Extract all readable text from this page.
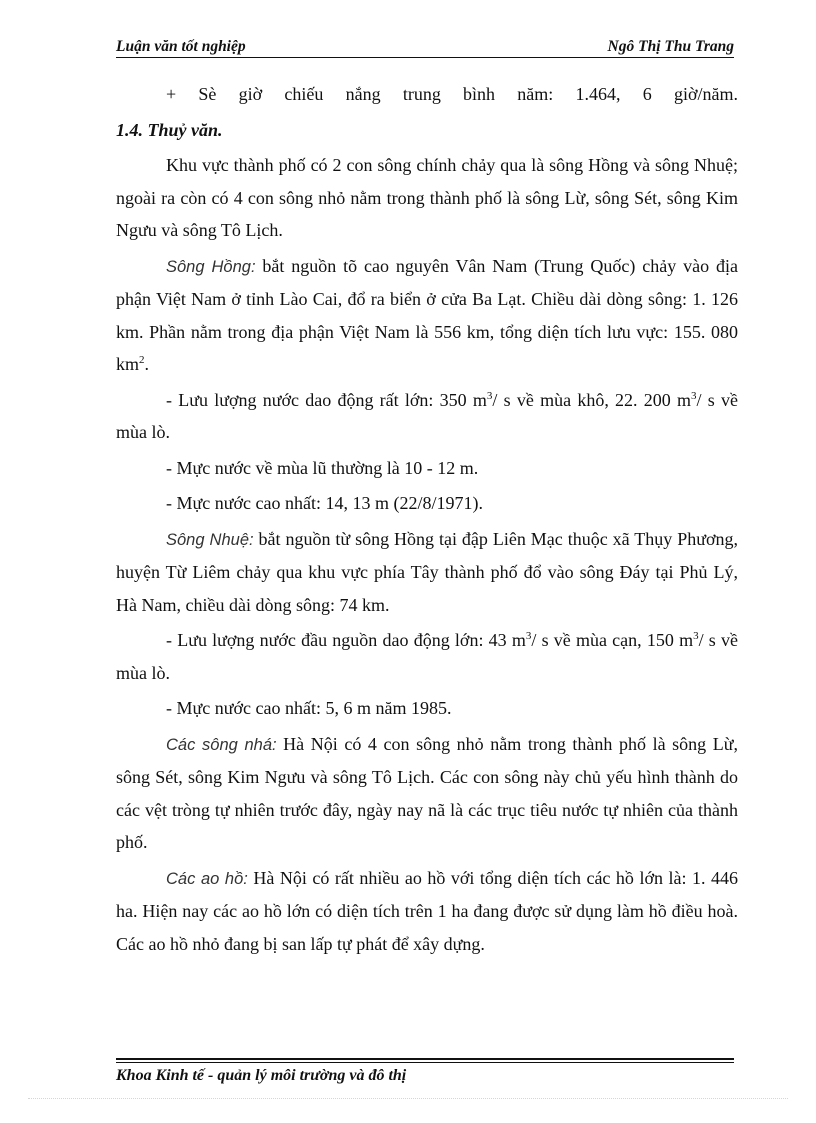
Luận văn tốt nghiệp	Ngô Thị Thu Trang

+ Sè giờ chiếu nắng trung bình năm: 1.464, 6 giờ/năm.

1.4. Thuỷ văn.

Khu vực thành phố có 2 con sông chính chảy qua là sông Hồng và sông Nhuệ; ngoài ra còn có 4 con sông nhỏ nằm trong thành phố là sông Lừ, sông Sét, sông Kim Ngưu và sông Tô Lịch.

Sông Hồng: bắt nguồn tõ cao nguyên Vân Nam (Trung Quốc) chảy vào địa phận Việt Nam ở tỉnh Lào Cai, đổ ra biển ở cửa Ba Lạt. Chiều dài dòng sông: 1. 126 km. Phần nằm trong địa phận Việt Nam là 556 km, tổng diện tích lưu vực: 155. 080 $km^2$.

- Lưu lượng nước dao động rất lớn: 350 $m^3/$ s về mùa khô, 22. 200 $m^3/$ s về mùa lò.

- Mực nước về mùa lũ thường là 10 - 12 m.

- Mực nước cao nhất: 14, 13 m (22/8/1971).

Sông Nhuệ: bắt nguồn từ sông Hồng tại đập Liên Mạc thuộc xã Thụy Phương, huyện Từ Liêm chảy qua khu vực phía Tây thành phố đổ vào sông Đáy tại Phủ Lý, Hà Nam, chiều dài dòng sông: 74 km.

- Lưu lượng nước đầu nguồn dao động lớn: 43 $m^3/$ s về mùa cạn, 150 $m^3/$ s về mùa lò.

- Mực nước cao nhất: 5, 6 m năm 1985.

Các sông nhá: Hà Nội có 4 con sông nhỏ nằm trong thành phố là sông Lừ, sông Sét, sông Kim Ngưu và sông Tô Lịch. Các con sông này chủ yếu hình thành do các vệt tròng tự nhiên trước đây, ngày nay nã là các trục tiêu nước tự nhiên của thành phố.

Các ao hồ: Hà Nội có rất nhiều ao hồ với tổng diện tích các hồ lớn là: 1. 446 ha. Hiện nay các ao hồ lớn có diện tích trên 1 ha đang được sử dụng làm hồ điều hoà. Các ao hồ nhỏ đang bị san lấp tự phát để xây dựng.

Khoa Kinh tế - quản lý môi trường và đô thị
